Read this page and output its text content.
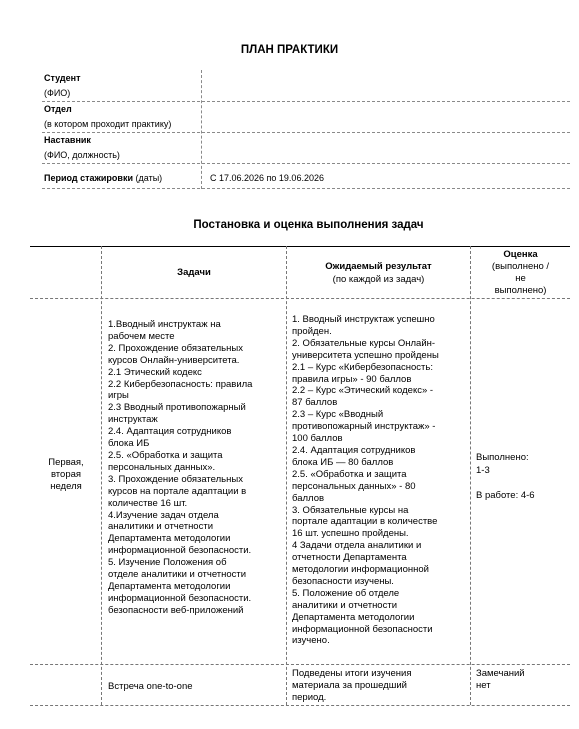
ПЛАН ПРАКТИКИ
Студент
(ФИО)
Отдел
(в котором проходит практику)
Наставник
(ФИО, должность)
Период стажировки (даты)	С 17.06.2026 по 19.06.2026
Постановка и оценка выполнения задач
Задачи
Ожидаемый результат
(по каждой из задач)
Оценка
(выполнено /
не
выполнено)
Первая,
вторая
неделя
1.Вводный инструктаж на
рабочем месте
2. Прохождение обязательных
курсов Онлайн-университета.
2.1 Этический кодекс
2.2 Кибербезопасность: правила
игры
2.3 Вводный противопожарный
инструктаж
2.4. Адаптация сотрудников
блока ИБ
2.5. «Обработка и защита
персональных данных».
3. Прохождение обязательных
курсов на портале адаптации в
количестве 16 шт.
4.Изучение задач отдела
аналитики и отчетности
Департамента методологии
информационной безопасности.
5. Изучение Положения об
отделе аналитики и отчетности
Департамента методологии
информационной безопасности.
безопасности веб-приложений
1. Вводный инструктаж успешно
пройден.
2. Обязательные курсы Онлайн-
университета успешно пройдены
2.1 – Курс «Кибербезопасность:
правила игры» - 90 баллов
2.2 – Курс «Этический кодекс» -
87 баллов
2.3 – Курс «Вводный
противопожарный инструктаж» -
100 баллов
2.4. Адаптация сотрудников
блока ИБ — 80 баллов
2.5. «Обработка и защита
персональных данных» - 80
баллов
3. Обязательные курсы на
портале адаптации в количестве
16 шт. успешно пройдены.
4 Задачи отдела аналитики и
отчетности Департамента
методологии информационной
безопасности изучены.
5. Положение об отделе
аналитики и отчетности
Департамента методологии
информационной безопасности
изучено.
Выполнено:
1-3
В работе: 4-6
Встреча one-to-one
Подведены итоги изучения
материала за прошедший
период.
Замечаний
нет
